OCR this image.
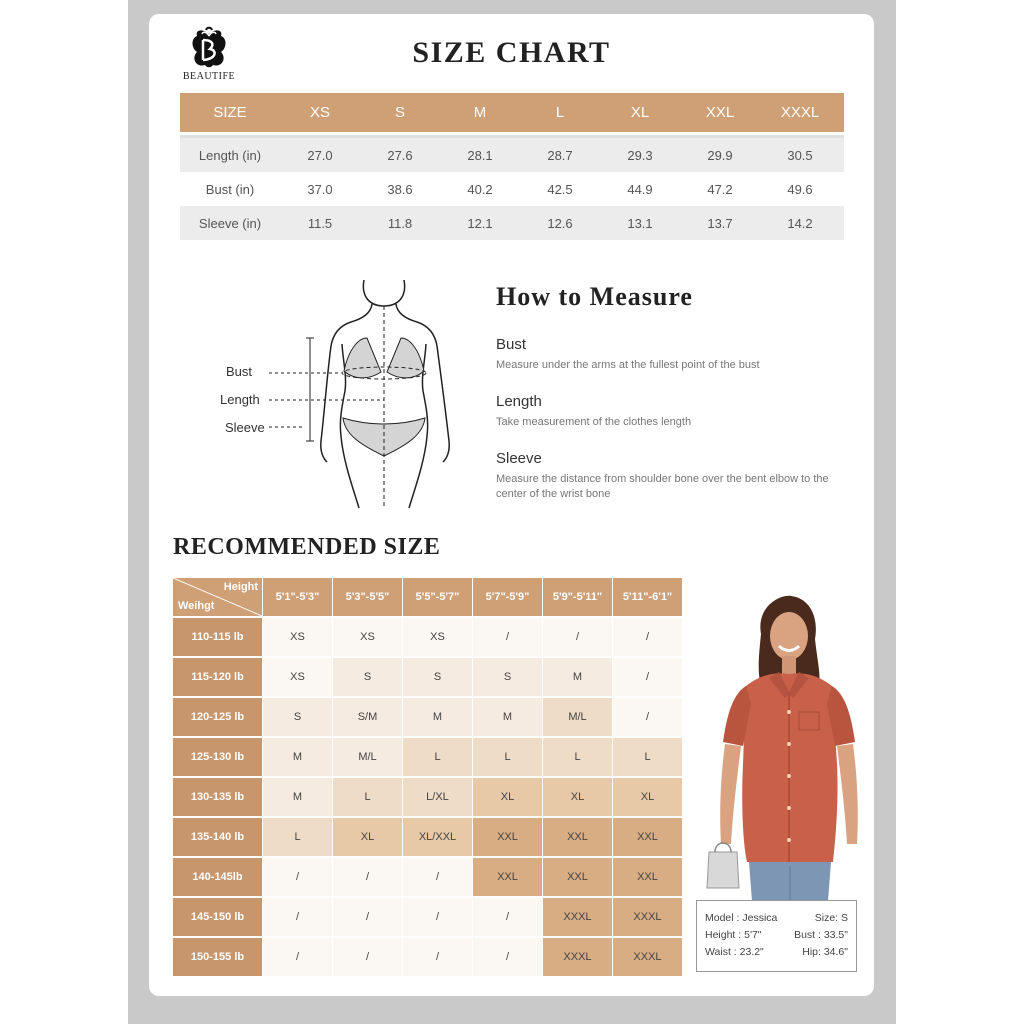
BEAUTIFE
SIZE CHART
SIZE	XS	S	M	L	XL	XXL	XXXL
Length (in)	27.0	27.6	28.1	28.7	29.3	29.9	30.5
Bust (in)	37.0	38.6	40.2	42.5	44.9	47.2	49.6
Sleeve (in)	11.5	11.8	12.1	12.6	13.1	13.7	14.2
Bust
Length
Sleeve
How to Measure
Bust

Measure under the arms at the fullest point of the bust

Length

Take measurement of the clothes length

Sleeve

Measure the distance from shoulder bone over the bent elbow to the center of the wrist bone

RECOMMENDED SIZE
Height
Weihgt
5'1"-5'3"	5'3"-5'5"	5'5"-5'7"	5'7"-5'9"	5'9"-5'11"	5'11"-6'1"
110-115 lb	XS	XS	XS	/	/	/
115-120 lb	XS	S	S	S	M	/
120-125 lb	S	S/M	M	M	M/L	/
125-130 lb	M	M/L	L	L	L	L
130-135 lb	M	L	L/XL	XL	XL	XL
135-140 lb	L	XL	XL/XXL	XXL	XXL	XXL
140-145lb	/	/	/	XXL	XXL	XXL
145-150 lb	/	/	/	/	XXXL	XXXL
150-155 lb	/	/	/	/	XXXL	XXXL
Model : Jessica	Size: S
Height : 5'7"	Bust : 33.5"
Waist : 23.2"	Hip: 34.6"
